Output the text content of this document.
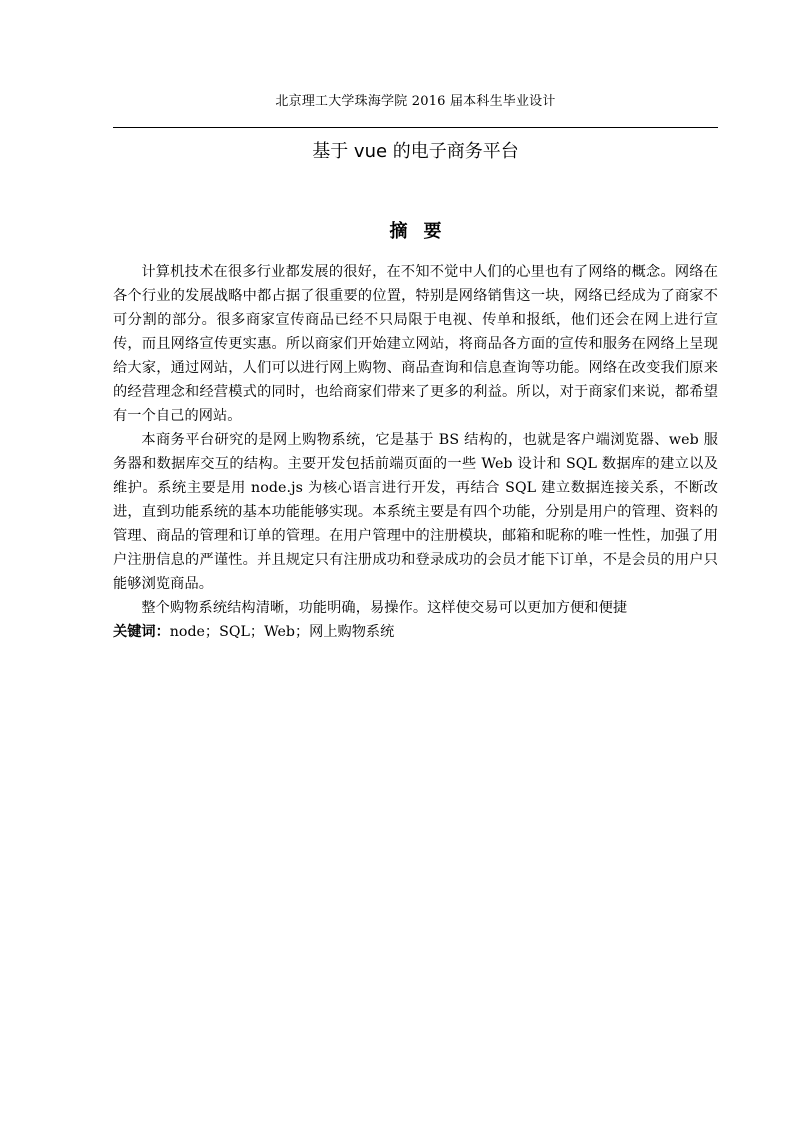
北京理工大学珠海学院 2016 届本科生毕业设计
基于 vue 的电子商务平台
摘要

计算机技术在很多行业都发展的很好，在不知不觉中人们的心里也有了网络的概念。网络在各个行业的发展战略中都占据了很重要的位置，特别是网络销售这一块，网络已经成为了商家不可分割的部分。很多商家宣传商品已经不只局限于电视、传单和报纸，他们还会在网上进行宣传，而且网络宣传更实惠。所以商家们开始建立网站，将商品各方面的宣传和服务在网络上呈现给大家，通过网站，人们可以进行网上购物、商品查询和信息查询等功能。网络在改变我们原来的经营理念和经营模式的同时，也给商家们带来了更多的利益。所以，对于商家们来说，都希望有一个自己的网站。

本商务平台研究的是网上购物系统，它是基于 BS 结构的，也就是客户端浏览器、web 服务器和数据库交互的结构。主要开发包括前端页面的一些 Web 设计和 SQL 数据库的建立以及维护。系统主要是用 node.js 为核心语言进行开发，再结合 SQL 建立数据连接关系，不断改进，直到功能系统的基本功能能够实现。本系统主要是有四个功能，分别是用户的管理、资料的管理、商品的管理和订单的管理。在用户管理中的注册模块，邮箱和昵称的唯一性性，加强了用户注册信息的严谨性。并且规定只有注册成功和登录成功的会员才能下订单，不是会员的用户只能够浏览商品。

整个购物系统结构清晰，功能明确，易操作。这样使交易可以更加方便和便捷

关键词：node；SQL；Web；网上购物系统
